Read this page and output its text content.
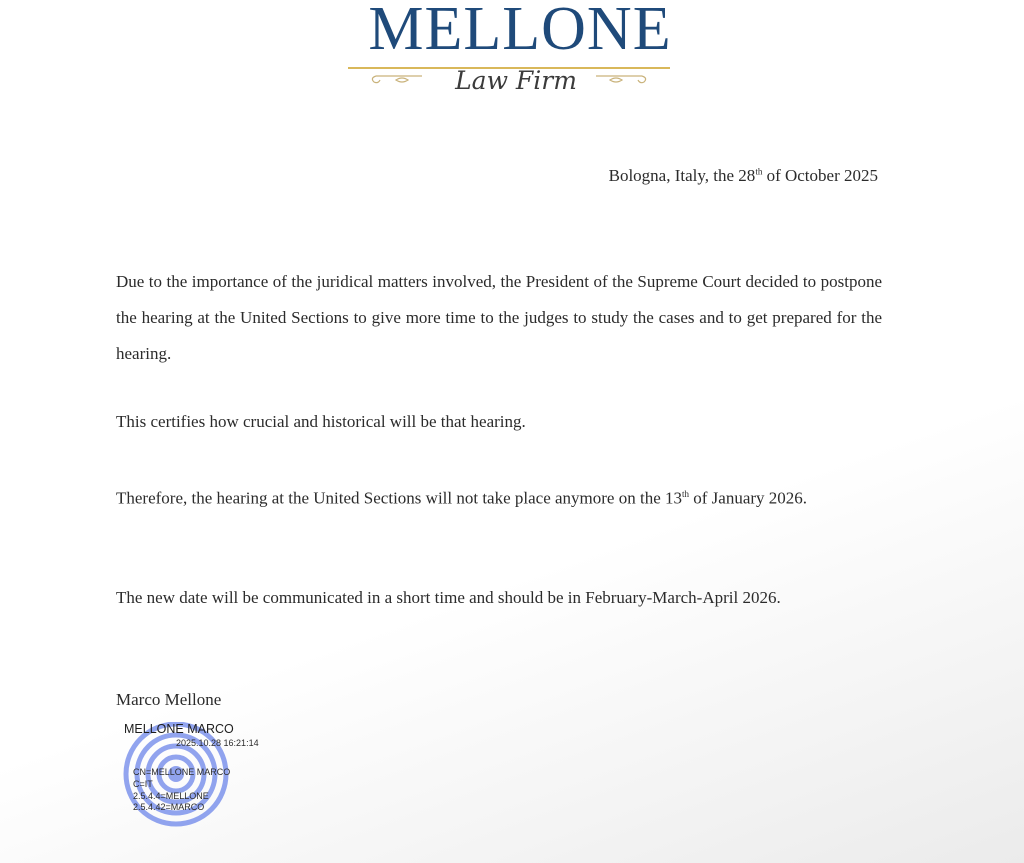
MELLONE
Law Firm
Bologna, Italy, the 28th of October 2025

Due to the importance of the juridical matters involved, the President of the Supreme Court decided to postpone the hearing at the United Sections to give more time to the judges to study the cases and to get prepared for the hearing.

This certifies how crucial and historical will be that hearing.

Therefore, the hearing at the United Sections will not take place anymore on the 13th of January 2026.

The new date will be communicated in a short time and should be in February-March-April 2026.

Marco Mellone
MELLONE MARCO
2025.10.28 16:21:14
CN=MELLONE MARCO
C=IT
2.5.4.4=MELLONE
2.5.4.42=MARCO
